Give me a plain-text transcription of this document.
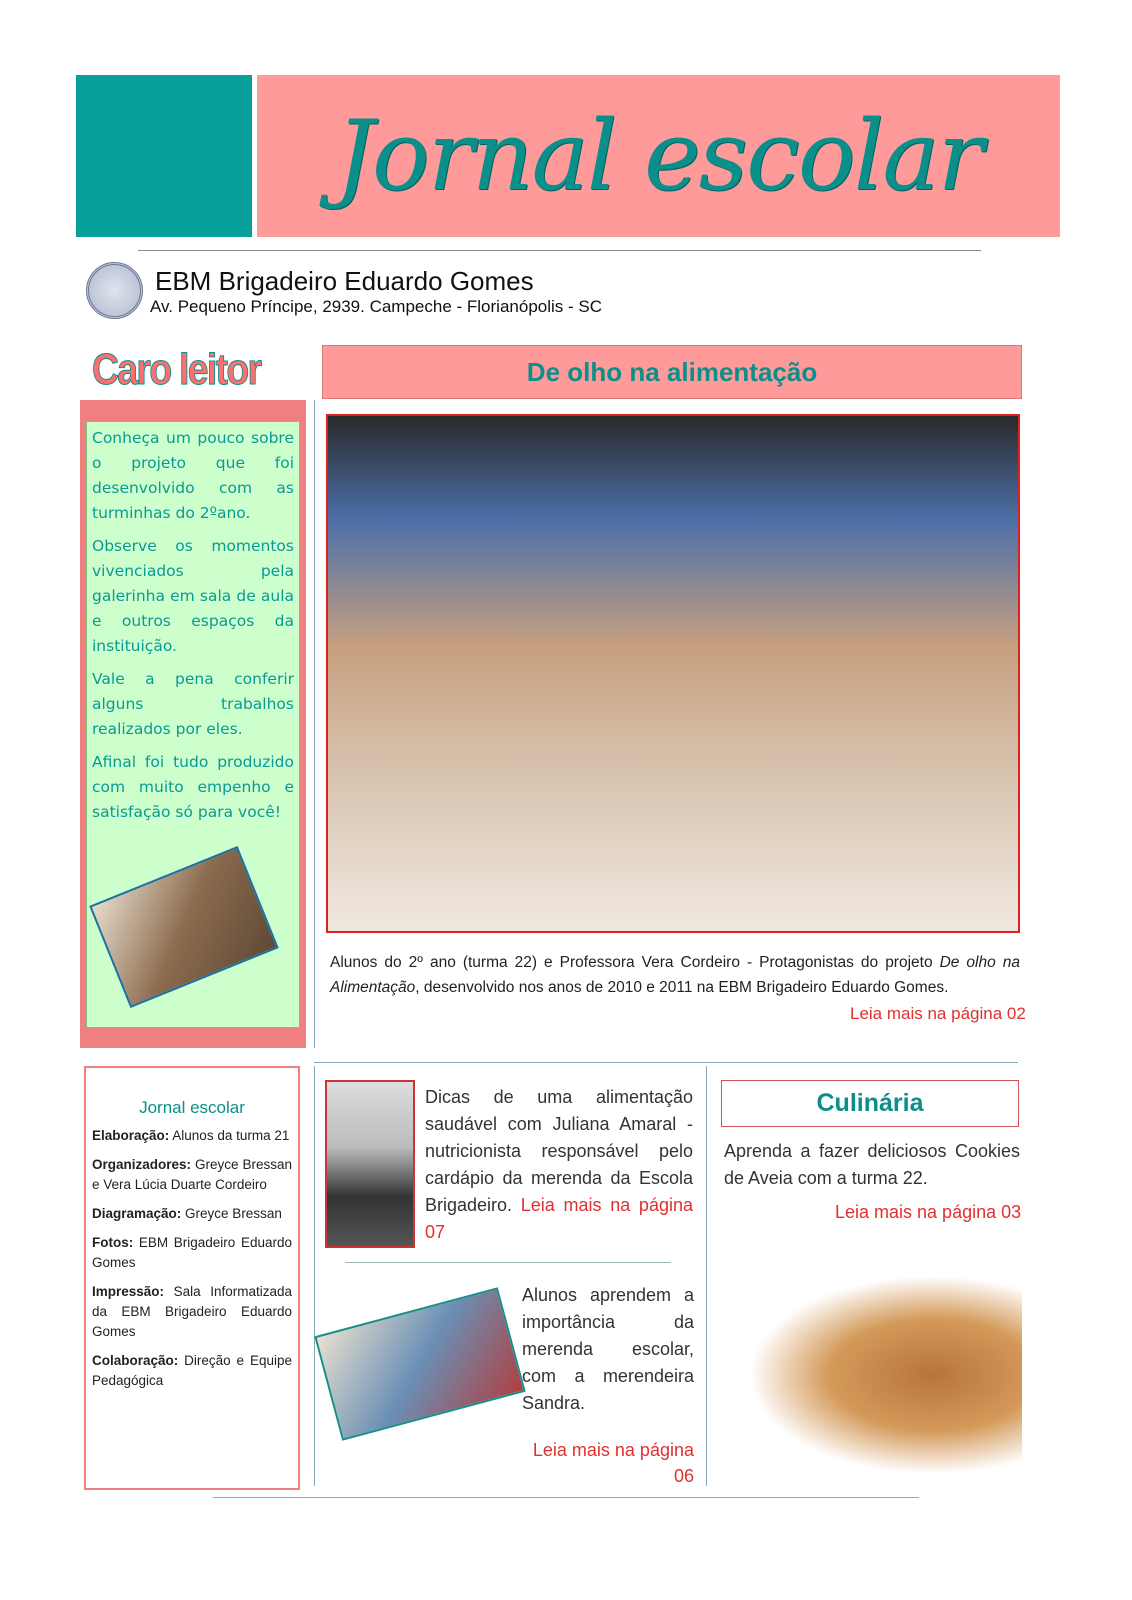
Jornal escolar
EBM Brigadeiro Eduardo Gomes
Av. Pequeno Príncipe, 2939. Campeche - Florianópolis - SC
Caro leitor

Conheça um pouco sobre o projeto que foi desenvolvido com as turminhas do 2ºano.

Observe os momentos vivenciados pela galerinha em sala de aula e outros espaços da instituição.

Vale a pena conferir alguns trabalhos realizados por eles.

Afinal foi tudo produzido com muito empenho e satisfação só para você!

De olho na alimentação
Alunos do 2º ano (turma 22) e Professora Vera Cordeiro - Protagonistas do projeto De olho na Alimentação, desenvolvido nos anos de 2010 e 2011 na EBM Brigadeiro Eduardo Gomes.
Leia mais na página 02
Jornal escolar

Elaboração: Alunos da turma 21

Organizadores: Greyce Bressan e Vera Lúcia Duarte Cordeiro

Diagramação: Greyce Bressan

Fotos: EBM Brigadeiro Eduardo Gomes

Impressão: Sala Informatizada da EBM Brigadeiro Eduardo Gomes

Colaboração: Direção e Equipe Pedagógica

Dicas de uma alimentação saudável com Juliana Amaral - nutricionista responsável pelo cardápio da merenda da Escola Brigadeiro. Leia mais na página 07
Alunos aprendem a importância da merenda escolar, com a merendeira Sandra.
Leia mais na página 06
Culinária
Aprenda a fazer deliciosos Cookies de Aveia com a turma 22.
Leia mais na página 03
